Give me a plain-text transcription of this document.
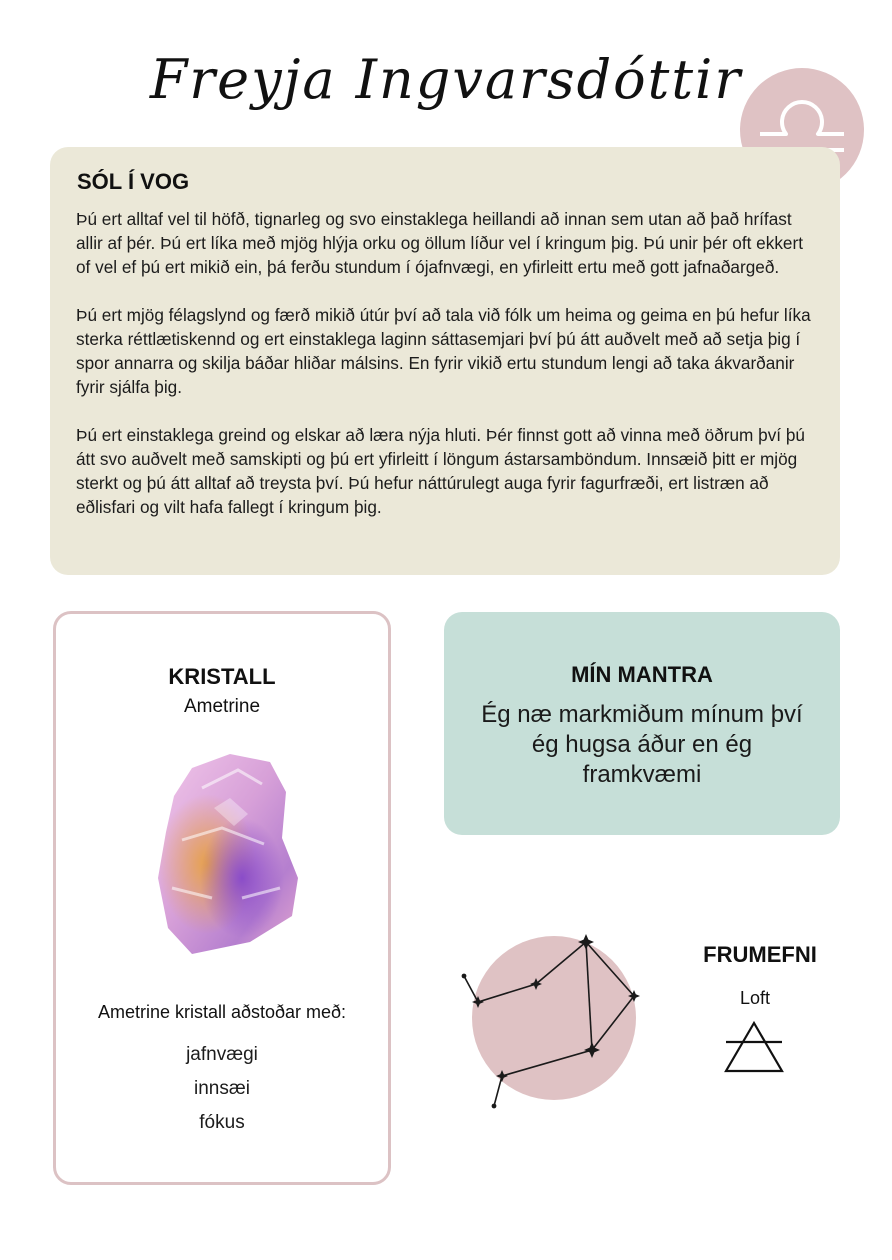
Freyja Ingvarsdóttir
SÓL Í VOG

Þú ert alltaf vel til höfð, tignarleg og svo einstaklega heillandi að innan sem utan að það hrífast allir af þér. Þú ert líka með mjög hlýja orku og öllum líður vel í kringum þig. Þú unir þér oft ekkert of vel ef þú ert mikið ein, þá ferðu stundum í ójafnvægi, en yfirleitt ertu með gott jafnaðargeð.

Þú ert mjög félagslynd og færð mikið útúr því að tala við fólk um heima og geima en þú hefur líka sterka réttlætiskennd og ert einstaklega laginn sáttasemjari því þú átt auðvelt með að setja þig í spor annarra og skilja báðar hliðar málsins. En fyrir vikið ertu stundum lengi að taka ákvarðanir fyrir sjálfa þig.

Þú ert einstaklega greind og elskar að læra nýja hluti. Þér finnst gott að vinna með öðrum því þú átt svo auðvelt með samskipti og þú ert yfirleitt í löngum ástarsamböndum. Innsæið þitt er mjög sterkt og þú átt alltaf að treysta því. Þú hefur náttúrulegt auga fyrir fagurfræði, ert listræn að eðlisfari og vilt hafa fallegt í kringum þig.

KRISTALL
Ametrine
Ametrine kristall aðstoðar með:
jafnvægi
innsæi
fókus
MÍN MANTRA
Ég næ markmiðum mínum því ég hugsa áður en ég framkvæmi
FRUMEFNI
Loft
